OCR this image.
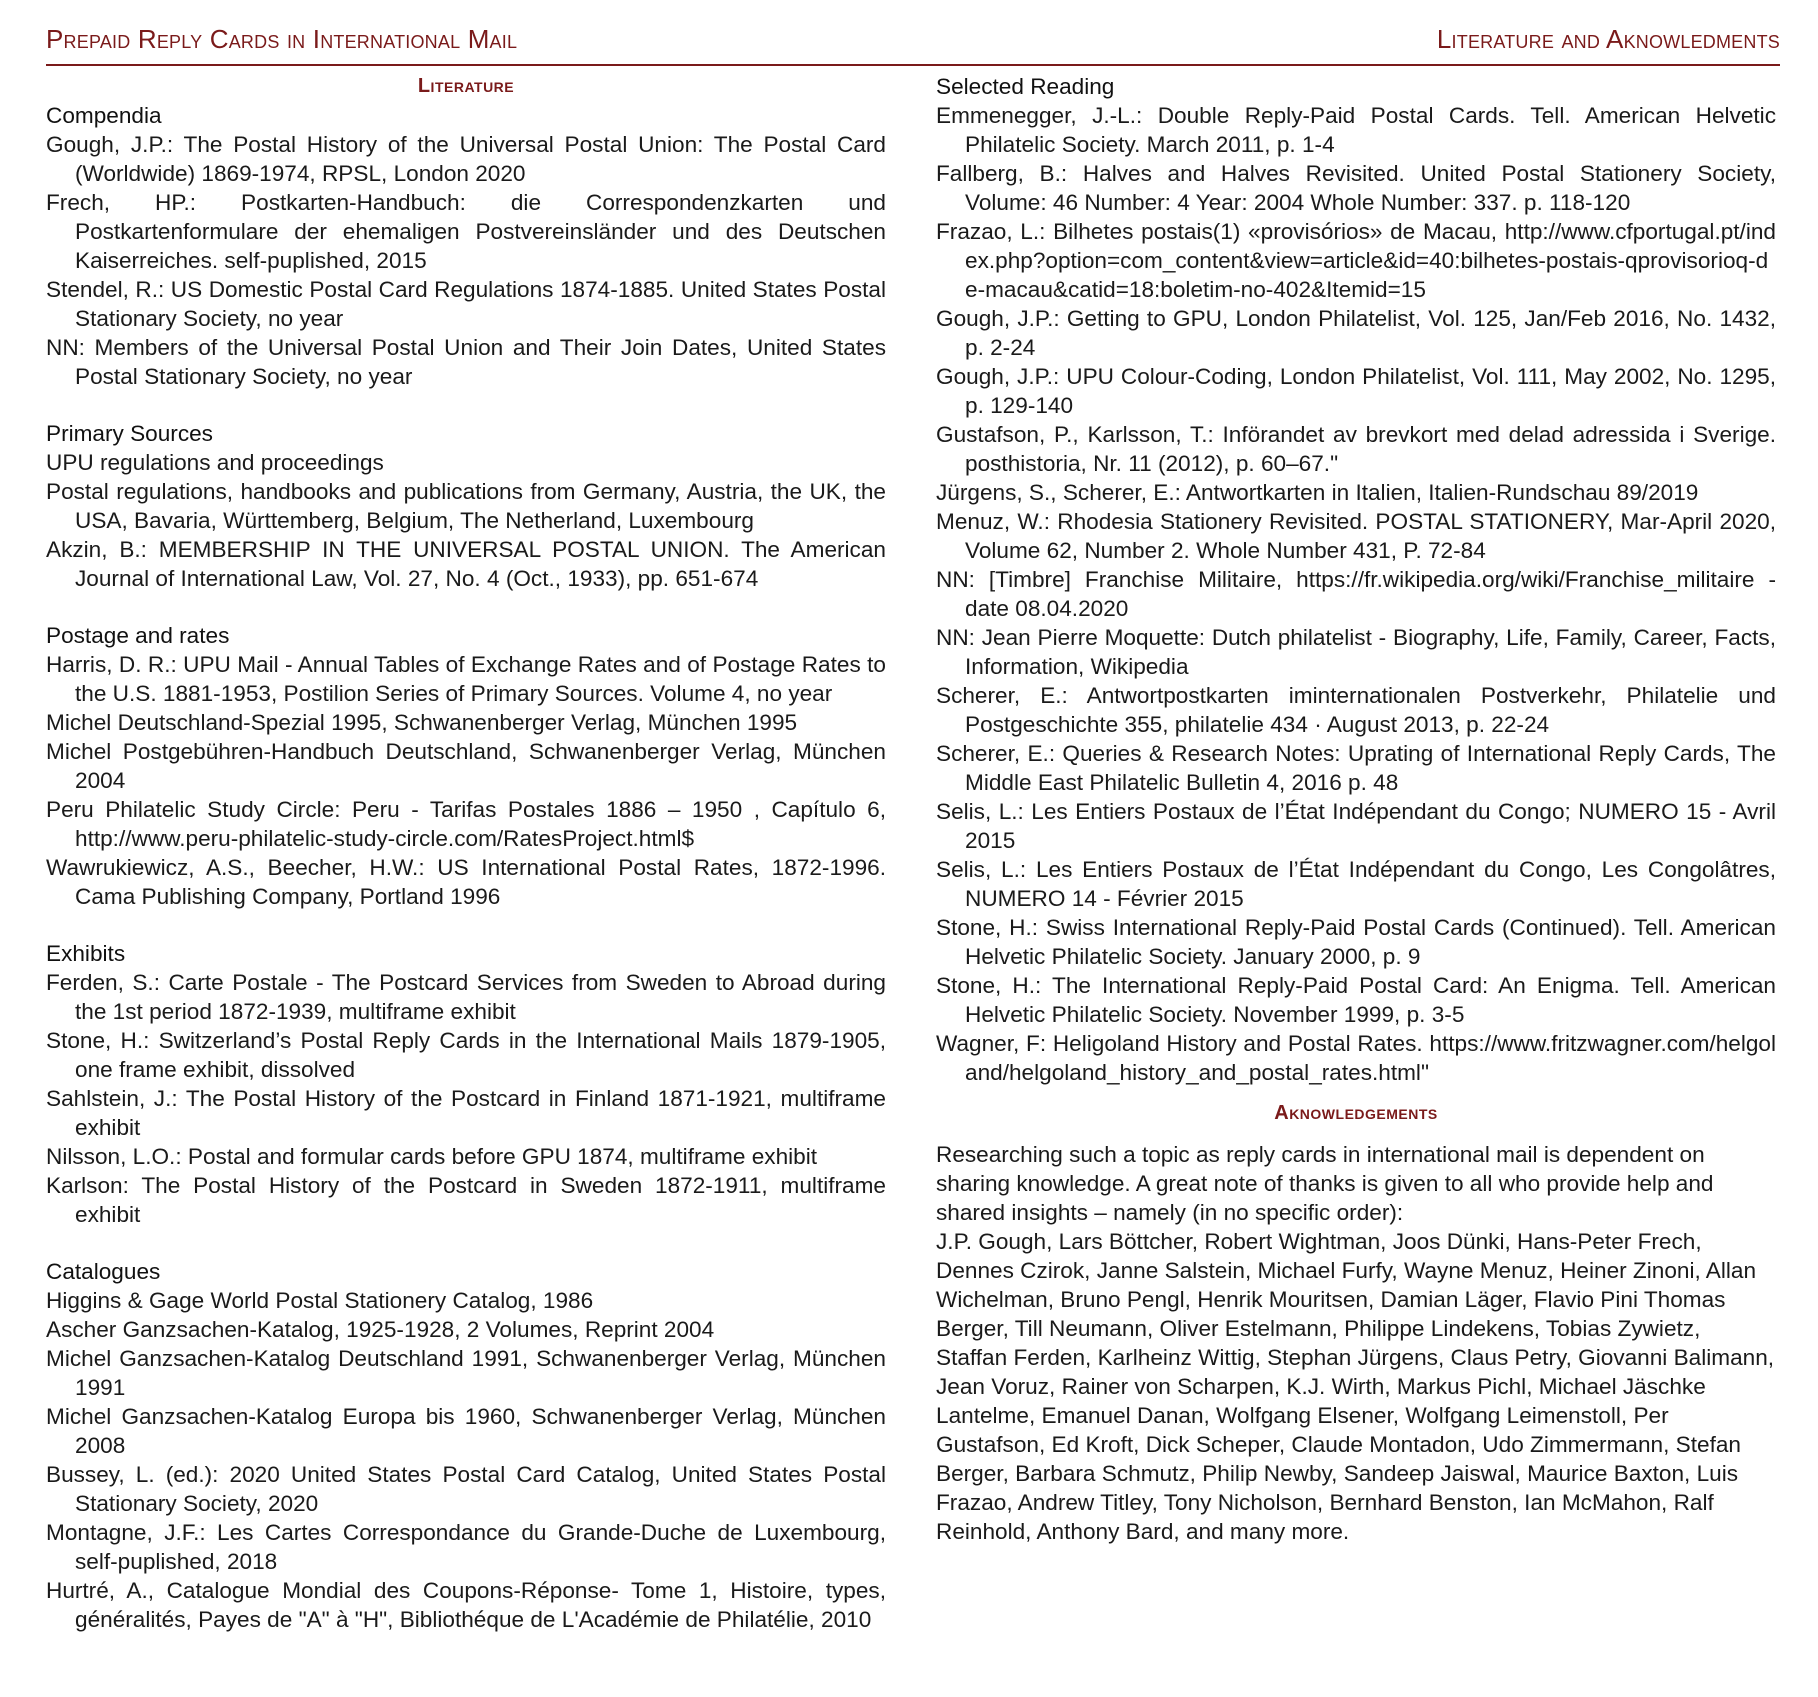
Prepaid Reply Cards in International Mail	Literature and Aknowledments
Literature
Compendia

Gough, J.P.: The Postal History of the Universal Postal Union: The Postal Card (Worldwide) 1869-1974, RPSL, London 2020

Frech, HP.: Postkarten-Handbuch: die Correspondenzkarten und Postkartenformulare der ehemaligen Postvereinsländer und des Deutschen Kaiserreiches. self-puplished, 2015

Stendel, R.: US Domestic Postal Card Regulations 1874-1885. United States Postal Stationary Society, no year

NN: Members of the Universal Postal Union and Their Join Dates, United States Postal Stationary Society, no year

Primary Sources

UPU regulations and proceedings

Postal regulations, handbooks and publications from Germany, Austria, the UK, the USA, Bavaria, Württemberg, Belgium, The Netherland, Luxembourg

Akzin, B.: MEMBERSHIP IN THE UNIVERSAL POSTAL UNION. The American Journal of International Law, Vol. 27, No. 4 (Oct., 1933), pp. 651-674

Postage and rates

Harris, D. R.: UPU Mail - Annual Tables of Exchange Rates and of Postage Rates to the U.S. 1881-1953, Postilion Series of Primary Sources. Volume 4, no year

Michel Deutschland-Spezial 1995, Schwanenberger Verlag, München 1995

Michel Postgebühren-Handbuch Deutschland, Schwanenberger Verlag, München 2004

Peru Philatelic Study Circle: Peru - Tarifas Postales 1886 – 1950 , Capítulo 6, http://www.peru-philatelic-study-circle.com/RatesProject.html$

Wawrukiewicz, A.S., Beecher, H.W.: US International Postal Rates, 1872-1996. Cama Publishing Company, Portland 1996

Exhibits

Ferden, S.: Carte Postale - The Postcard Services from Sweden to Abroad during the 1st period 1872-1939, multiframe exhibit

Stone, H.: Switzerland’s Postal Reply Cards in the International Mails 1879-1905, one frame exhibit, dissolved

Sahlstein, J.: The Postal History of the Postcard in Finland 1871-1921, multiframe exhibit

Nilsson, L.O.: Postal and formular cards before GPU 1874, multiframe exhibit

Karlson: The Postal History of the Postcard in Sweden 1872-1911, multiframe exhibit

Catalogues

Higgins & Gage World Postal Stationery Catalog, 1986

Ascher Ganzsachen-Katalog, 1925-1928, 2 Volumes, Reprint 2004

Michel Ganzsachen-Katalog Deutschland 1991, Schwanenberger Verlag, München 1991

Michel Ganzsachen-Katalog Europa bis 1960, Schwanenberger Verlag, München 2008

Bussey, L. (ed.): 2020 United States Postal Card Catalog, United States Postal Stationary Society, 2020

Montagne, J.F.: Les Cartes Correspondance du Grande-Duche de Luxembourg, self-puplished, 2018

Hurtré, A., Catalogue Mondial des Coupons-Réponse- Tome 1, Histoire, types, généralités, Payes de "A" à "H", Bibliothéque de L'Académie de Philatélie, 2010

Selected Reading

Emmenegger, J.-L.: Double Reply-Paid Postal Cards. Tell. American Helvetic Philatelic Society. March 2011, p. 1-4

Fallberg, B.: Halves and Halves Revisited. United Postal Stationery Society, Volume: 46 Number: 4 Year: 2004 Whole Number: 337. p. 118-120

Frazao, L.: Bilhetes postais(1) «provisórios» de Macau, http://www.cfportugal.pt/index.php?option=com_content&view=article&id=40:bilhetes-postais-qprovisorioq-de-macau&catid=18:boletim-no-402&Itemid=15

Gough, J.P.: Getting to GPU, London Philatelist, Vol. 125, Jan/Feb 2016, No. 1432, p. 2-24

Gough, J.P.: UPU Colour-Coding, London Philatelist, Vol. 111, May 2002, No. 1295, p. 129-140

Gustafson, P., Karlsson, T.: Införandet av brevkort med delad adressida i Sverige. posthistoria, Nr. 11 (2012), p. 60–67."

Jürgens, S., Scherer, E.: Antwortkarten in Italien, Italien-Rundschau 89/2019

Menuz, W.: Rhodesia Stationery Revisited. POSTAL STATIONERY, Mar-April 2020, Volume 62, Number 2. Whole Number 431, P. 72-84

NN: [Timbre] Franchise Militaire, https://fr.wikipedia.org/wiki/Franchise_militaire - date 08.04.2020

NN: Jean Pierre Moquette: Dutch philatelist - Biography, Life, Family, Career, Facts, Information, Wikipedia

Scherer, E.: Antwortpostkarten iminternationalen Postverkehr, Philatelie und Postgeschichte 355, philatelie 434 · August 2013, p. 22-24

Scherer, E.: Queries & Research Notes: Uprating of International Reply Cards, The Middle East Philatelic Bulletin 4, 2016 p. 48

Selis, L.: Les Entiers Postaux de l’État Indépendant du Congo; NUMERO 15 - Avril 2015

Selis, L.: Les Entiers Postaux de l’État Indépendant du Congo, Les Congolâtres, NUMERO 14 - Février 2015

Stone, H.: Swiss International Reply-Paid Postal Cards (Continued). Tell. American Helvetic Philatelic Society. January 2000, p. 9

Stone, H.: The International Reply-Paid Postal Card: An Enigma. Tell. American Helvetic Philatelic Society. November 1999, p. 3-5

Wagner, F: Heligoland History and Postal Rates. https://www.fritzwagner.com/helgoland/helgoland_history_and_postal_rates.html"

Aknowledgements

Researching such a topic as reply cards in international mail is dependent on sharing knowledge. A great note of thanks is given to all who provide help and shared insights – namely (in no specific order):

J.P. Gough, Lars Böttcher, Robert Wightman, Joos Dünki, Hans-Peter Frech, Dennes Czirok, Janne Salstein, Michael Furfy, Wayne Menuz, Heiner Zinoni, Allan Wichelman, Bruno Pengl, Henrik Mouritsen, Damian Läger, Flavio Pini Thomas Berger, Till Neumann, Oliver Estelmann, Philippe Lindekens, Tobias Zywietz, Staffan Ferden, Karlheinz Wittig, Stephan Jürgens, Claus Petry, Giovanni Balimann, Jean Voruz, Rainer von Scharpen, K.J. Wirth, Markus Pichl, Michael Jäschke Lantelme, Emanuel Danan, Wolfgang Elsener, Wolfgang Leimenstoll, Per Gustafson, Ed Kroft, Dick Scheper, Claude Montadon, Udo Zimmermann, Stefan Berger, Barbara Schmutz, Philip Newby, Sandeep Jaiswal, Maurice Baxton, Luis Frazao, Andrew Titley, Tony Nicholson, Bernhard Benston, Ian McMahon, Ralf Reinhold, Anthony Bard, and many more.
